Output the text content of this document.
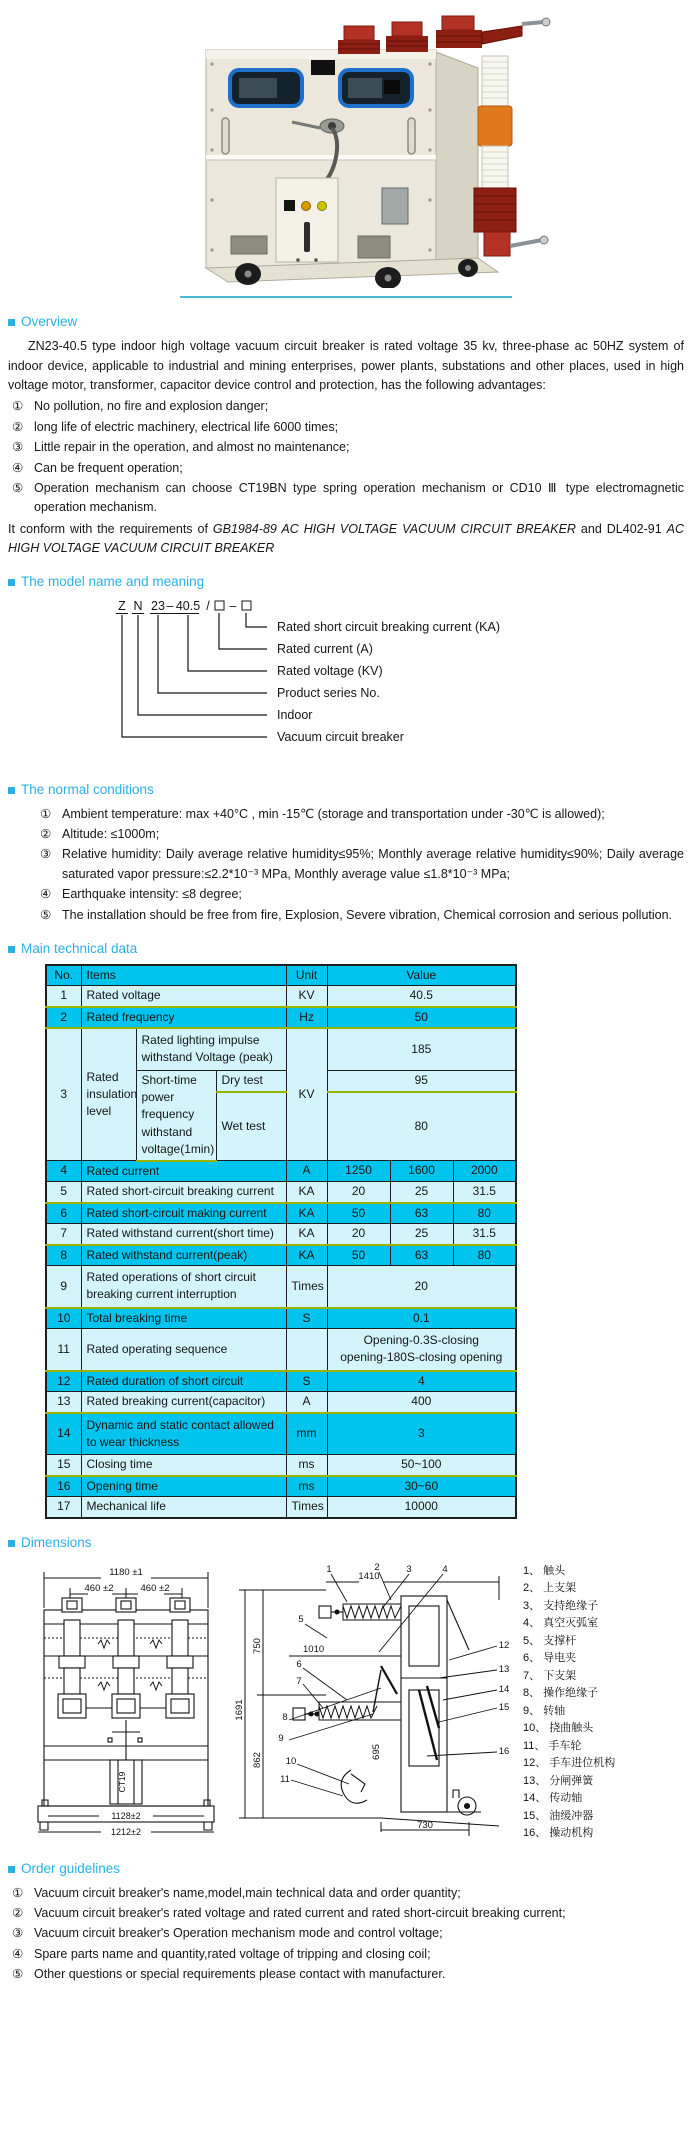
Overview

ZN23-40.5 type indoor high voltage vacuum circuit breaker is rated voltage 35 kv, three-phase ac 50HZ system of indoor device, applicable to industrial and mining enterprises, power plants, substations and other places, used in high voltage motor, transformer, capacitor device control and protection, has the following advantages:

① No pollution, no fire and explosion danger;
② long life of electric machinery, electrical life 6000 times;
③ Little repair in the operation, and almost no maintenance;
④ Can be frequent operation;
⑤ Operation mechanism can choose CT19BN type spring operation mechanism or CD10 Ⅲ type electromagnetic operation mechanism.

It conform with the requirements of GB1984-89 AC HIGH VOLTAGE VACUUM CIRCUIT BREAKER and DL402-91 AC HIGH VOLTAGE VACUUM CIRCUIT BREAKER

The model name and meaning
Z N 23 – 40.5 / –
Rated short circuit breaking current (KA)
Rated current (A)
Rated voltage (KV)
Product series No.
Indoor
Vacuum circuit breaker
The normal conditions
① Ambient temperature: max +40°C , min -15℃ (storage and transportation under -30℃ is allowed);
② Altitude: ≤1000m;
③ Relative humidity: Daily average relative humidity≤95%; Monthly average relative humidity≤90%; Daily average saturated vapor pressure:≤2.2*10⁻³ MPa, Monthly average value ≤1.8*10⁻³ MPa;
④ Earthquake intensity: ≤8 degree;
⑤ The installation should be free from fire, Explosion, Severe vibration, Chemical corrosion and serious pollution.
Main technical data
No.	Items			Unit	Value		
1	Rated voltage			KV	40.5		
2	Rated frequency			Hz	50		
3	Rated insulation level	Rated lighting impulse withstand Voltage (peak)		KV	185		
		Short-time power frequency withstand voltage(1min)	Dry test		95		
			Wet test		80		
4	Rated current			A	1250	1600	2000
5	Rated short-circuit breaking current			KA	20	25	31.5
6	Rated short-circuit making current			KA	50	63	80
7	Rated withstand current(short time)			KA	20	25	31.5
8	Rated withstand current(peak)			KA	50	63	80
9	Rated operations of short circuit breaking current interruption			Times	20		
10	Total breaking time			S	0.1		
11	Rated operating sequence				Opening-0.3S-closing
opening-180S-closing opening		

12	Rated duration of short circuit			S	4		
13	Rated breaking current(capacitor)			A	400		
14	Dynamic and static contact allowed to wear thickness			mm	3		
15	Closing time			ms	50~100		
16	Opening time			ms	30~60		
17	Mechanical life			Times	10000		
Dimensions
1180 ±1
460 ±2	460 ±2
CT19
1128±2
1212±2
1410
1691
750
862
1010
695
730
1	2	3	4
5
6
7
8
9
10
11
12
13
14
15
16
1、 触头
2、 上支架
3、 支持绝缘子
4、 真空灭弧室
5、 支撑杆
6、 导电夹
7、 下支架
8、 操作绝缘子
9、 转轴
10、 挠曲触头
11、 手车轮
12、 手车进位机构
13、 分闸弹簧
14、 传动轴
15、 油缓冲器
16、 操动机构
Order guidelines
① Vacuum circuit breaker's name,model,main technical data and order quantity;
② Vacuum circuit breaker's rated voltage and rated current and rated short-circuit breaking current;
③ Vacuum circuit breaker's Operation mechanism mode and control voltage;
④ Spare parts name and quantity,rated voltage of tripping and closing coil;
⑤ Other questions or special requirements please contact with manufacturer.
